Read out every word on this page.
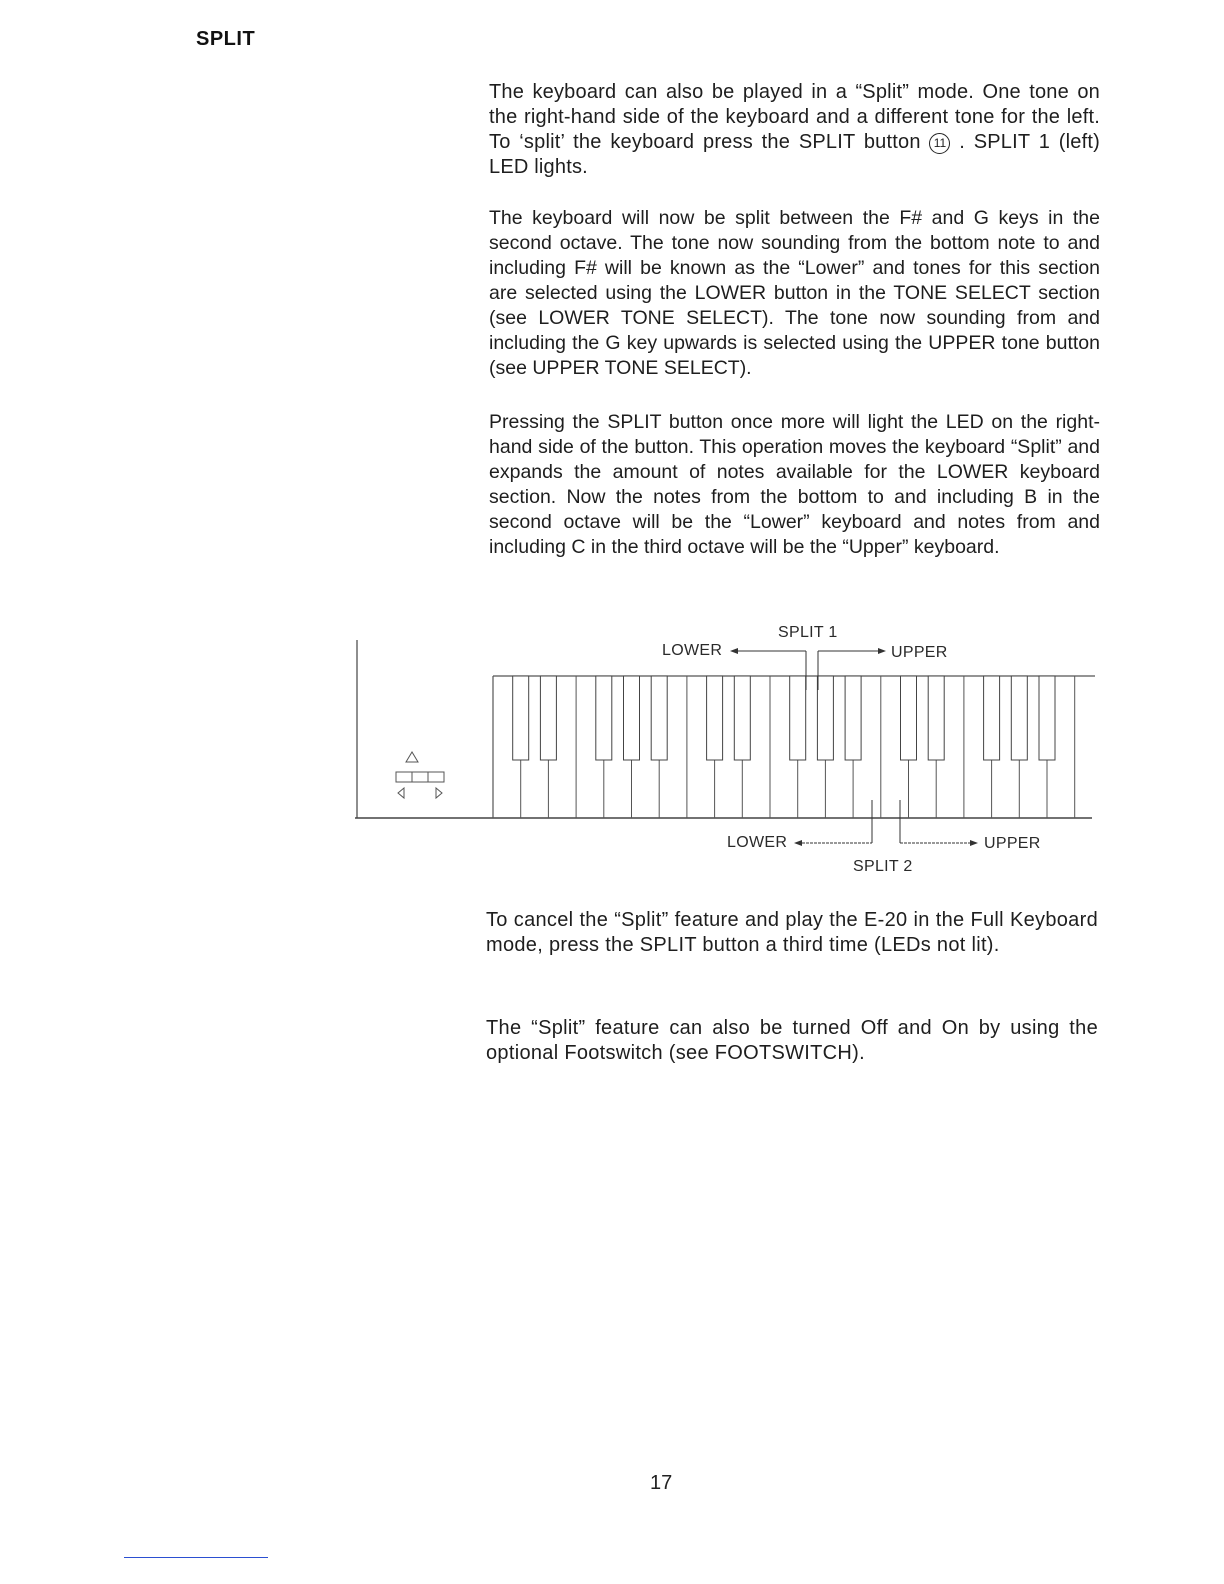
SPLIT

The keyboard can also be played in a “Split” mode. One tone on the right-hand side of the keyboard and a different tone for the left. To ‘split’ the keyboard press the SPLIT button 11 . SPLIT 1 (left) LED lights.

The keyboard will now be split between the F# and G keys in the second octave. The tone now sounding from the bottom note to and including F# will be known as the “Lower” and tones for this section are selected using the LOWER button in the TONE SELECT section (see LOWER TONE SELECT). The tone now sounding from and including the G key upwards is selected using the UPPER tone button (see UPPER TONE SELECT).

Pressing the SPLIT button once more will light the LED on the right-hand side of the button. This operation moves the keyboard “Split” and expands the amount of notes available for the LOWER keyboard section. Now the notes from the bottom to and including B in the second octave will be the “Lower” keyboard and notes from and including C in the third octave will be the “Upper” keyboard.

SPLIT 1
LOWER	UPPER
LOWER	UPPER
SPLIT 2

To cancel the “Split” feature and play the E-20 in the Full Keyboard mode, press the SPLIT button a third time (LEDs not lit).

The “Split” feature can also be turned Off and On by using the optional Footswitch (see FOOTSWITCH).

17
